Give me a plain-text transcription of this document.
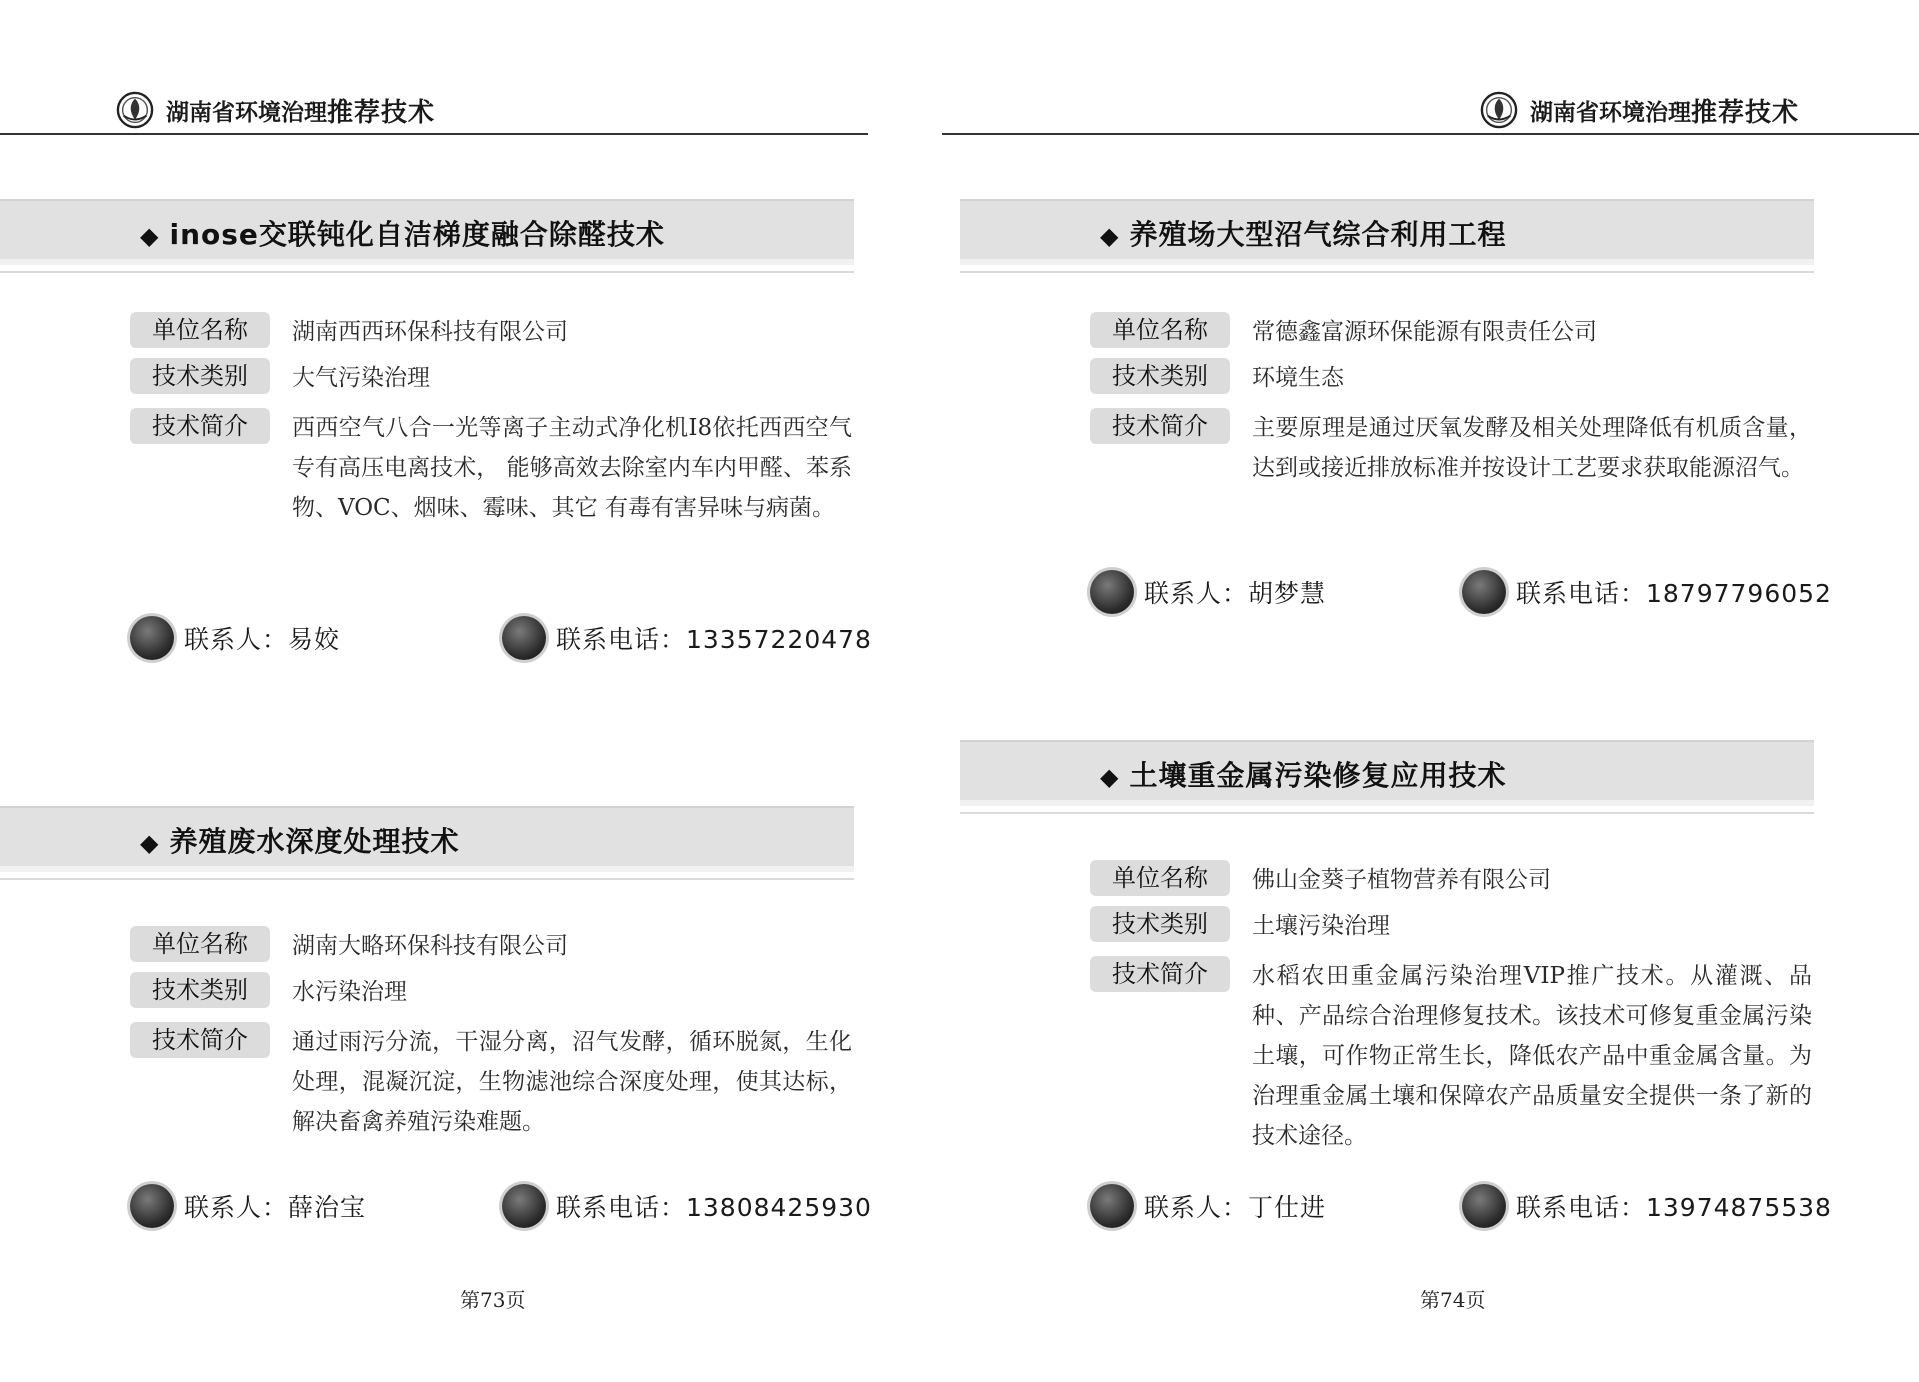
湖南省环境治理 推荐技术	湖南省环境治理 推荐技术
◆ inose交联钝化自洁梯度融合除醛技术
单位名称	湖南西西环保科技有限公司
技术类别	大气污染治理
技术简介	西西空气八合一光等离子主动式净化机I8依托西西空气专有高压电离技术， 能够高效去除室内车内甲醛、苯系物、VOC、烟味、霉味、其它 有毒有害异味与病菌。
联系人：易姣	联系电话：13357220478
◆ 养殖废水深度处理技术
单位名称	湖南大略环保科技有限公司
技术类别	水污染治理
技术简介	通过雨污分流，干湿分离，沼气发酵，循环脱氮，生化处理，混凝沉淀，生物滤池综合深度处理，使其达标，解决畜禽养殖污染难题。
联系人：薛治宝	联系电话：13808425930
◆ 养殖场大型沼气综合利用工程
单位名称	常德鑫富源环保能源有限责任公司
技术类别	环境生态
技术简介	主要原理是通过厌氧发酵及相关处理降低有机质含量，达到或接近排放标准并按设计工艺要求获取能源沼气。
联系人：胡梦慧	联系电话：18797796052
◆ 土壤重金属污染修复应用技术
单位名称	佛山金葵子植物营养有限公司
技术类别	土壤污染治理
技术简介	水稻农田重金属污染治理VIP推广技术。从灌溉、品种、产品综合治理修复技术。该技术可修复重金属污染土壤，可作物正常生长，降低农产品中重金属含量。为治理重金属土壤和保障农产品质量安全提供一条了新的技术途径。
联系人：丁仕进	联系电话：13974875538
第73页	第74页
